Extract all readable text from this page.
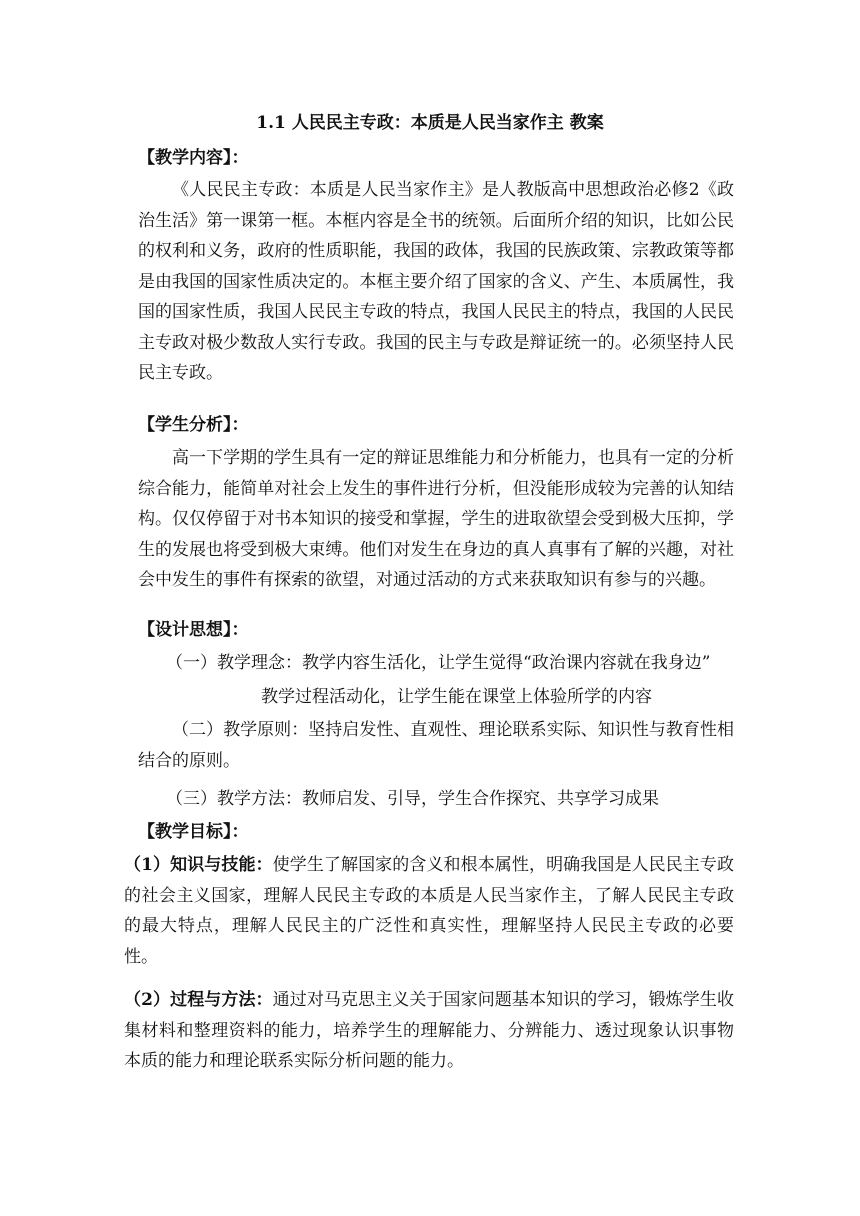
1.1 人民民主专政：本质是人民当家作主 教案
【教学内容】：
《人民民主专政：本质是人民当家作主》是人教版高中思想政治必修2《政治生活》第一课第一框。本框内容是全书的统领。后面所介绍的知识，比如公民的权利和义务，政府的性质职能，我国的政体，我国的民族政策、宗教政策等都是由我国的国家性质决定的。本框主要介绍了国家的含义、产生、本质属性，我国的国家性质，我国人民民主专政的特点，我国人民民主的特点，我国的人民民主专政对极少数敌人实行专政。我国的民主与专政是辩证统一的。必须坚持人民民主专政。
【学生分析】：
高一下学期的学生具有一定的辩证思维能力和分析能力，也具有一定的分析综合能力，能简单对社会上发生的事件进行分析，但没能形成较为完善的认知结构。仅仅停留于对书本知识的接受和掌握，学生的进取欲望会受到极大压抑，学生的发展也将受到极大束缚。他们对发生在身边的真人真事有了解的兴趣，对社会中发生的事件有探索的欲望，对通过活动的方式来获取知识有参与的兴趣。
【设计思想】：
（一）教学理念：教学内容生活化，让学生觉得“政治课内容就在我身边”
教学过程活动化，让学生能在课堂上体验所学的内容
（二）教学原则：坚持启发性、直观性、理论联系实际、知识性与教育性相结合的原则。
（三）教学方法：教师启发、引导，学生合作探究、共享学习成果
【教学目标】：
（1）知识与技能：使学生了解国家的含义和根本属性，明确我国是人民民主专政的社会主义国家，理解人民民主专政的本质是人民当家作主，了解人民民主专政的最大特点，理解人民民主的广泛性和真实性，理解坚持人民民主专政的必要性。
（2）过程与方法：通过对马克思主义关于国家问题基本知识的学习，锻炼学生收集材料和整理资料的能力，培养学生的理解能力、分辨能力、透过现象认识事物本质的能力和理论联系实际分析问题的能力。
